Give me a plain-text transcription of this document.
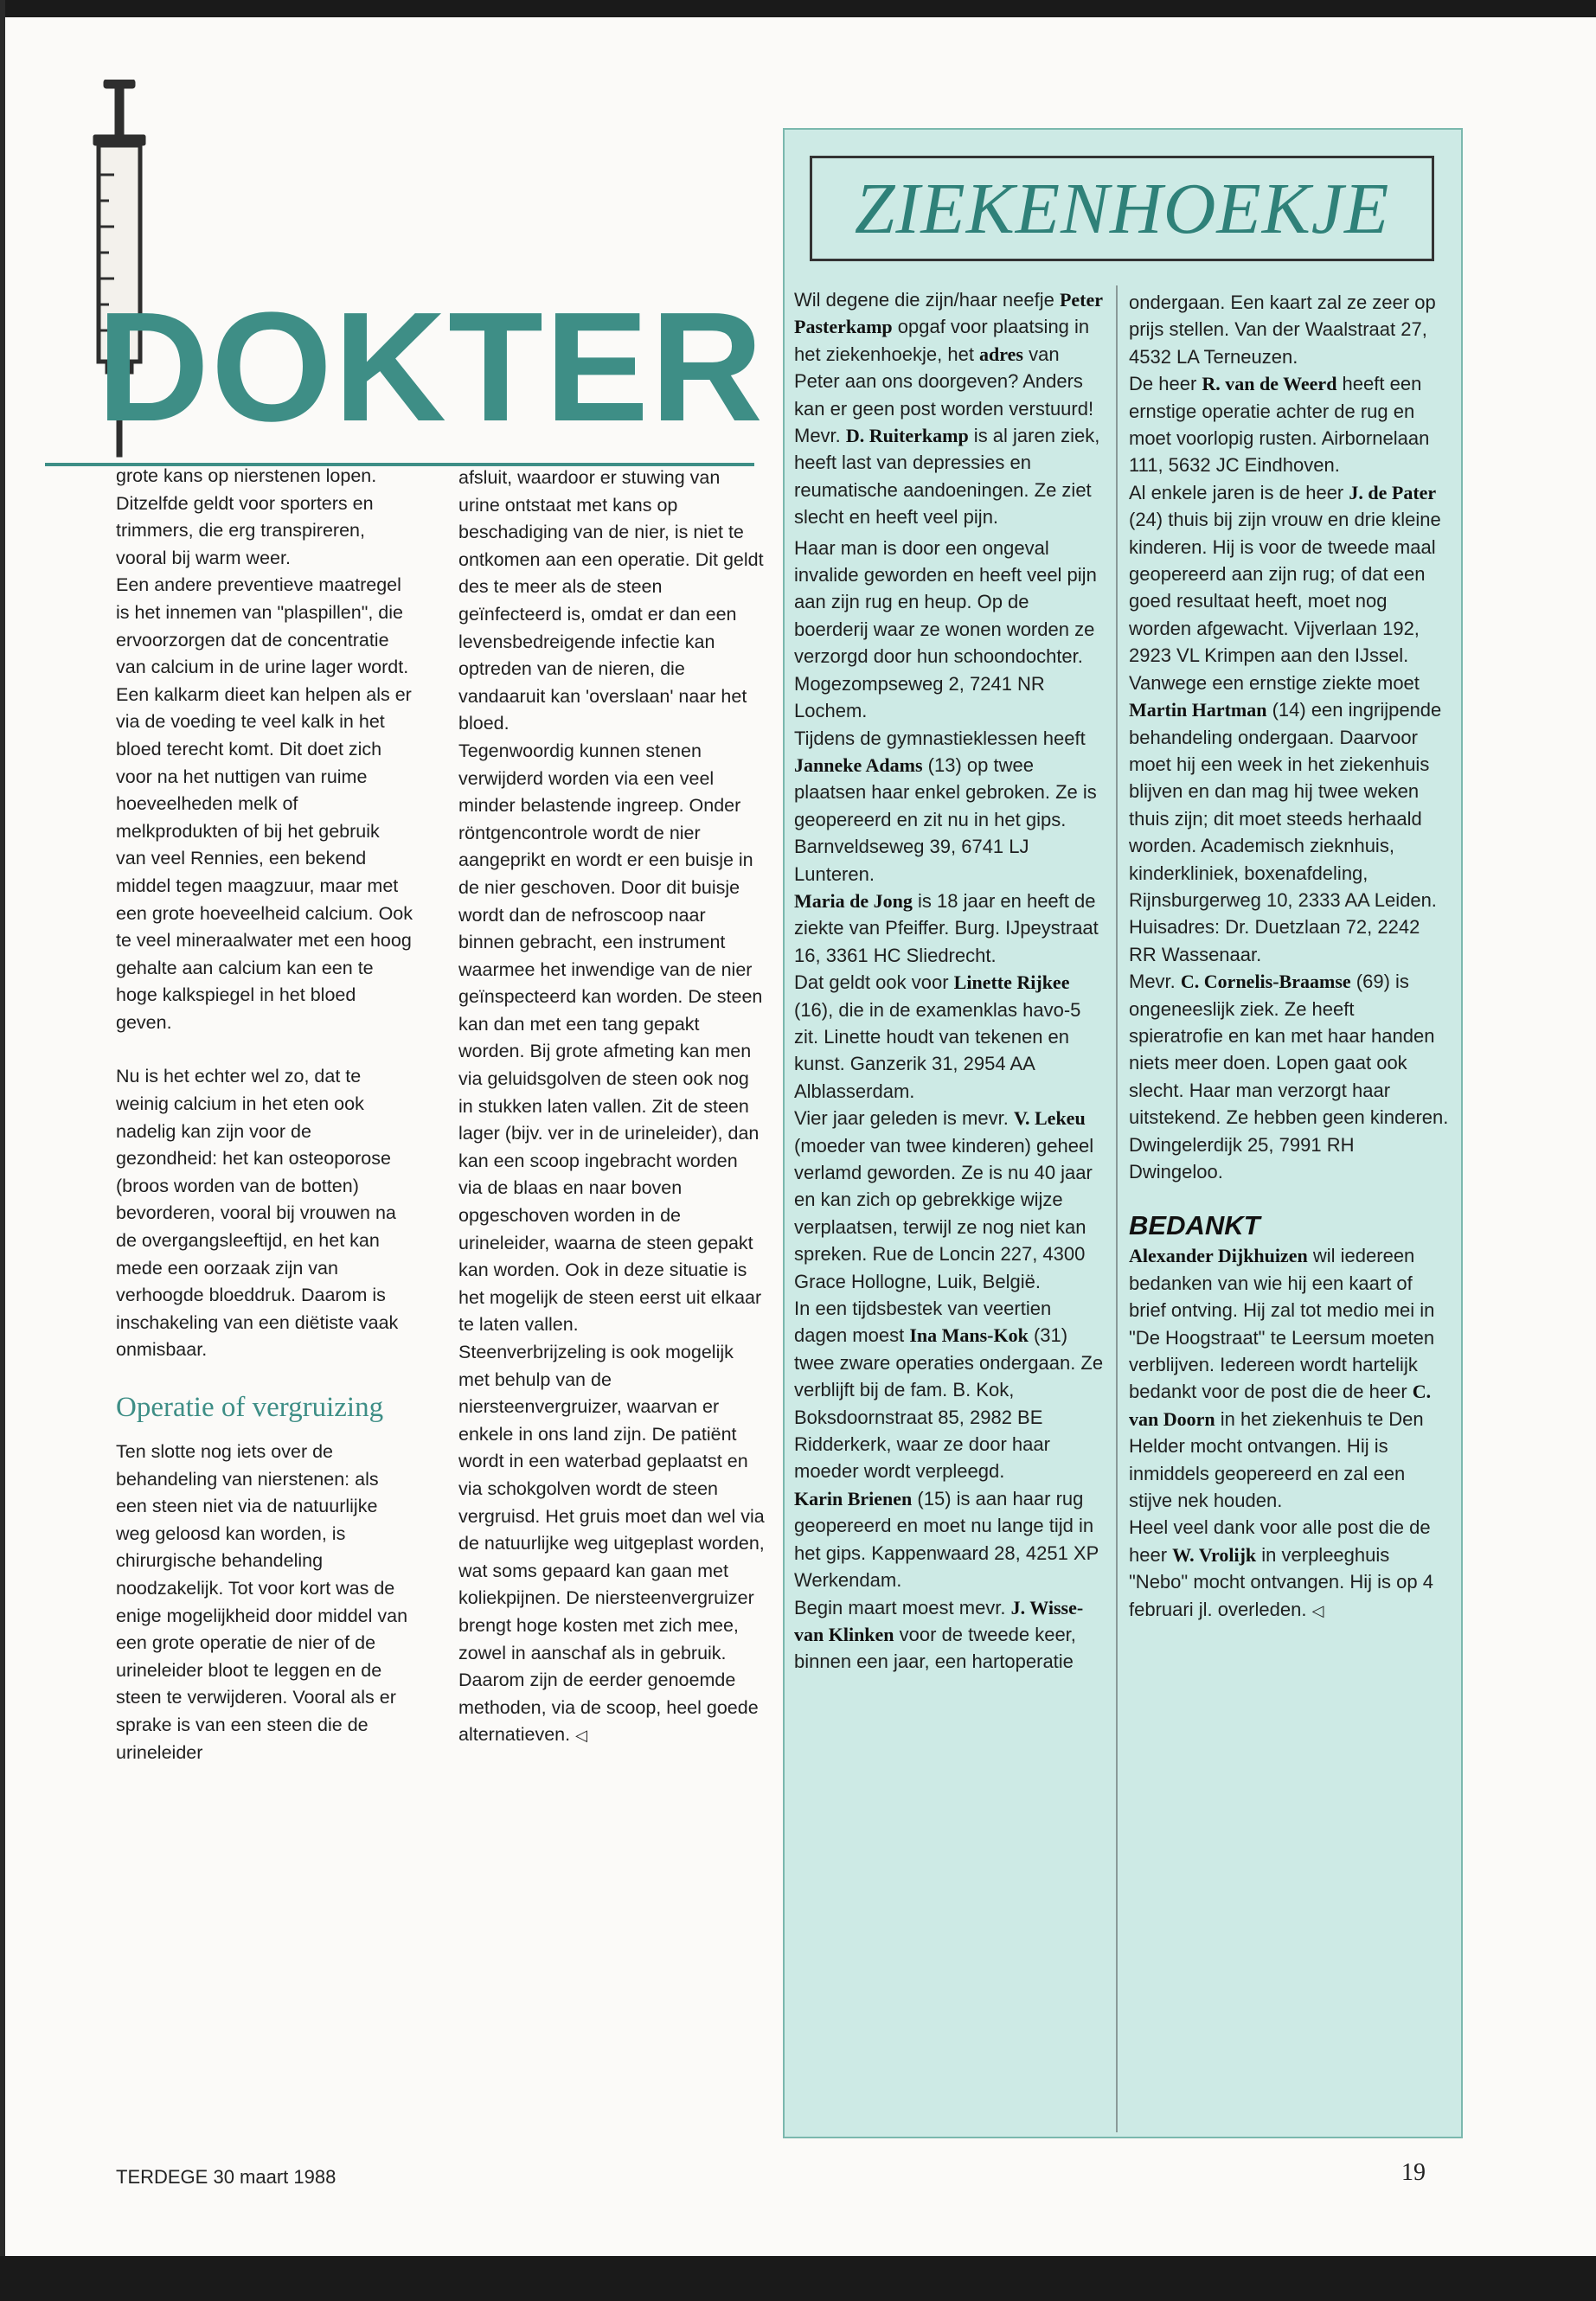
DOKTER

grote kans op nierstenen lopen. Ditzelfde geldt voor sporters en trimmers, die erg transpireren, vooral bij warm weer.

Een andere preventieve maatregel is het innemen van "plaspillen", die ervoorzorgen dat de concentratie van calcium in de urine lager wordt. Een kalkarm dieet kan helpen als er via de voeding te veel kalk in het bloed terecht komt. Dit doet zich voor na het nuttigen van ruime hoeveelheden melk of melkprodukten of bij het gebruik van veel Rennies, een bekend middel tegen maagzuur, maar met een grote hoeveelheid calcium. Ook te veel mineraalwater met een hoog gehalte aan calcium kan een te hoge kalkspiegel in het bloed geven.

Nu is het echter wel zo, dat te weinig calcium in het eten ook nadelig kan zijn voor de gezondheid: het kan osteoporose (broos worden van de botten) bevorderen, vooral bij vrouwen na de overgangsleeftijd, en het kan mede een oorzaak zijn van verhoogde bloeddruk. Daarom is inschakeling van een diëtiste vaak onmisbaar.

Operatie of vergruizing

Ten slotte nog iets over de behandeling van nierstenen: als een steen niet via de natuurlijke weg geloosd kan worden, is chirurgische behandeling noodzakelijk. Tot voor kort was de enige mogelijkheid door middel van een grote operatie de nier of de urineleider bloot te leggen en de steen te verwijderen. Vooral als er sprake is van een steen die de urineleider

afsluit, waardoor er stuwing van urine ontstaat met kans op beschadiging van de nier, is niet te ontkomen aan een operatie. Dit geldt des te meer als de steen geïnfecteerd is, omdat er dan een levensbedreigende infectie kan optreden van de nieren, die vandaaruit kan 'overslaan' naar het bloed.

Tegenwoordig kunnen stenen verwijderd worden via een veel minder belastende ingreep. Onder röntgencontrole wordt de nier aangeprikt en wordt er een buisje in de nier geschoven. Door dit buisje wordt dan de nefroscoop naar binnen gebracht, een instrument waarmee het inwendige van de nier geïnspecteerd kan worden. De steen kan dan met een tang gepakt worden. Bij grote afmeting kan men via geluidsgolven de steen ook nog in stukken laten vallen. Zit de steen lager (bijv. ver in de urineleider), dan kan een scoop ingebracht worden via de blaas en naar boven opgeschoven worden in de urineleider, waarna de steen gepakt kan worden. Ook in deze situatie is het mogelijk de steen eerst uit elkaar te laten vallen.

Steenverbrijzeling is ook mogelijk met behulp van de niersteenvergruizer, waarvan er enkele in ons land zijn. De patiënt wordt in een waterbad geplaatst en via schokgolven wordt de steen vergruisd. Het gruis moet dan wel via de natuurlijke weg uitgeplast worden, wat soms gepaard kan gaan met koliekpijnen. De niersteenvergruizer brengt hoge kosten met zich mee, zowel in aanschaf als in gebruik. Daarom zijn de eerder genoemde methoden, via de scoop, heel goede alternatieven. ◁

ZIEKENHOEKJE

Wil degene die zijn/haar neefje Peter Pasterkamp opgaf voor plaatsing in het ziekenhoekje, het adres van Peter aan ons doorgeven? Anders kan er geen post worden verstuurd!

Mevr. D. Ruiterkamp is al jaren ziek, heeft last van depressies en reumatische aandoeningen. Ze ziet slecht en heeft veel pijn.

Haar man is door een ongeval invalide geworden en heeft veel pijn aan zijn rug en heup. Op de boerderij waar ze wonen worden ze verzorgd door hun schoondochter. Mogezompseweg 2, 7241 NR Lochem.

Tijdens de gymnastieklessen heeft Janneke Adams (13) op twee plaatsen haar enkel gebroken. Ze is geopereerd en zit nu in het gips. Barnveldseweg 39, 6741 LJ Lunteren.

Maria de Jong is 18 jaar en heeft de ziekte van Pfeiffer. Burg. IJpeystraat 16, 3361 HC Sliedrecht.

Dat geldt ook voor Linette Rijkee (16), die in de examenklas havo-5 zit. Linette houdt van tekenen en kunst. Ganzerik 31, 2954 AA Alblasserdam.

Vier jaar geleden is mevr. V. Lekeu (moeder van twee kinderen) geheel verlamd geworden. Ze is nu 40 jaar en kan zich op gebrekkige wijze verplaatsen, terwijl ze nog niet kan spreken. Rue de Loncin 227, 4300 Grace Hollogne, Luik, België.

In een tijdsbestek van veertien dagen moest Ina Mans-Kok (31) twee zware operaties ondergaan. Ze verblijft bij de fam. B. Kok, Boksdoornstraat 85, 2982 BE Ridderkerk, waar ze door haar moeder wordt verpleegd.

Karin Brienen (15) is aan haar rug geopereerd en moet nu lange tijd in het gips. Kappenwaard 28, 4251 XP Werkendam.

Begin maart moest mevr. J. Wisse-van Klinken voor de tweede keer, binnen een jaar, een hartoperatie

ondergaan. Een kaart zal ze zeer op prijs stellen. Van der Waalstraat 27, 4532 LA Terneuzen.

De heer R. van de Weerd heeft een ernstige operatie achter de rug en moet voorlopig rusten. Airbornelaan 111, 5632 JC Eindhoven.

Al enkele jaren is de heer J. de Pater (24) thuis bij zijn vrouw en drie kleine kinderen. Hij is voor de tweede maal geopereerd aan zijn rug; of dat een goed resultaat heeft, moet nog worden afgewacht. Vijverlaan 192, 2923 VL Krimpen aan den IJssel.

Vanwege een ernstige ziekte moet Martin Hartman (14) een ingrijpende behandeling ondergaan. Daarvoor moet hij een week in het ziekenhuis blijven en dan mag hij twee weken thuis zijn; dit moet steeds herhaald worden. Academisch zieknhuis, kinderkliniek, boxenafdeling, Rijnsburgerweg 10, 2333 AA Leiden. Huisadres: Dr. Duetzlaan 72, 2242 RR Wassenaar.

Mevr. C. Cornelis-Braamse (69) is ongeneeslijk ziek. Ze heeft spieratrofie en kan met haar handen niets meer doen. Lopen gaat ook slecht. Haar man verzorgt haar uitstekend. Ze hebben geen kinderen. Dwingelerdijk 25, 7991 RH Dwingeloo.

BEDANKT

Alexander Dijkhuizen wil iedereen bedanken van wie hij een kaart of brief ontving. Hij zal tot medio mei in "De Hoogstraat" te Leersum moeten verblijven. Iedereen wordt hartelijk bedankt voor de post die de heer C. van Doorn in het ziekenhuis te Den Helder mocht ontvangen. Hij is inmiddels geopereerd en zal een stijve nek houden.

Heel veel dank voor alle post die de heer W. Vrolijk in verpleeghuis "Nebo" mocht ontvangen. Hij is op 4 februari jl. overleden. ◁

TERDEGE 30 maart 1988	19
